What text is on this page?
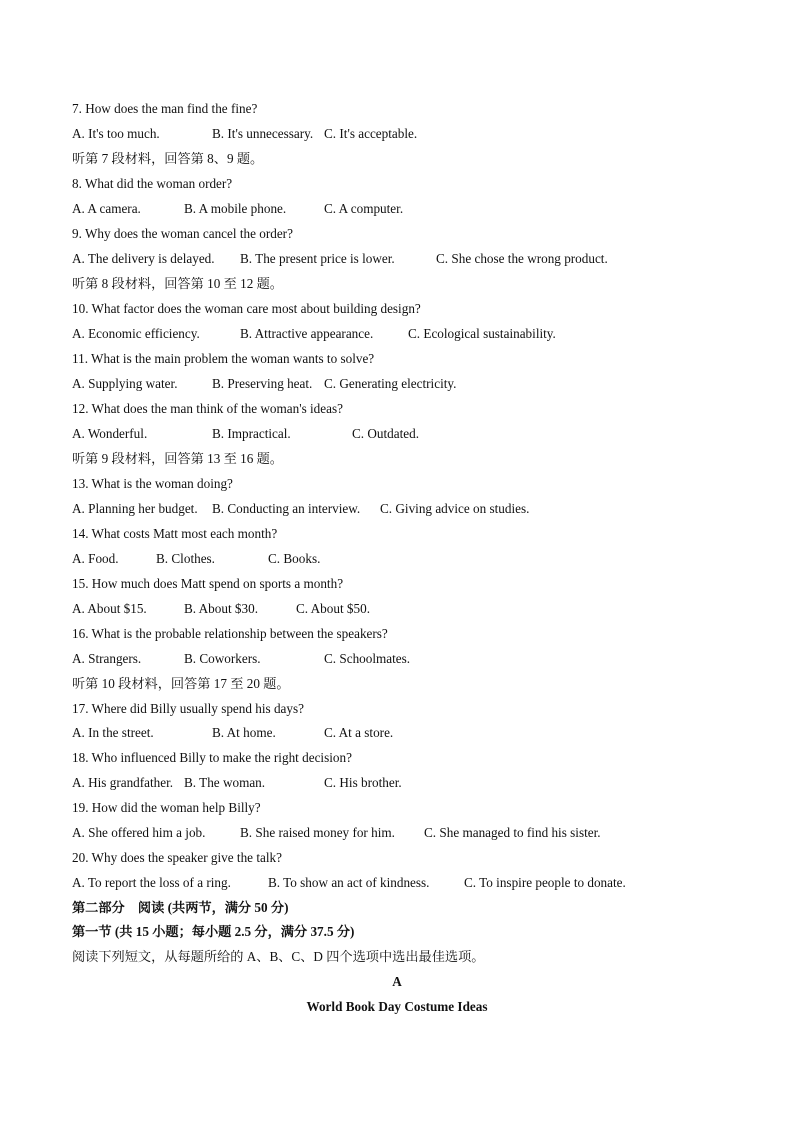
7. How does the man find the fine?
A. It's too much.	B. It's unnecessary. C. It's acceptable.
听第 7 段材料，回答第 8、9 题。
8. What did the woman order?
A. A camera.	B. A mobile phone.	C. A computer.
9. Why does the woman cancel the order?
A. The delivery is delayed. B. The present price is lower.	C. She chose the wrong product.
听第 8 段材料，回答第 10 至 12 题。
10. What factor does the woman care most about building design?
A. Economic efficiency.	B. Attractive appearance.	C. Ecological sustainability.
11. What is the main problem the woman wants to solve?
A. Supplying water.	B. Preserving heat. C. Generating electricity.
12. What does the man think of the woman's ideas?
A. Wonderful.	B. Impractical.	C. Outdated.
听第 9 段材料，回答第 13 至 16 题。
13. What is the woman doing?
A. Planning her budget. B. Conducting an interview. C. Giving advice on studies.
14. What costs Matt most each month?
A. Food.	B. Clothes.	C. Books.
15. How much does Matt spend on sports a month?
A. About $15.	B. About $30.	C. About $50.
16. What is the probable relationship between the speakers?
A. Strangers.	B. Coworkers.	C. Schoolmates.
听第 10 段材料，回答第 17 至 20 题。
17. Where did Billy usually spend his days?
A. In the street.	B. At home.	C. At a store.
18. Who influenced Billy to make the right decision?
A. His grandfather. B. The woman.	C. His brother.
19. How did the woman help Billy?
A. She offered him a job.	B. She raised money for him. C. She managed to find his sister.
20. Why does the speaker give the talk?
A. To report the loss of a ring.	B. To show an act of kindness.	C. To inspire people to donate.
第二部分　阅读 (共两节，满分 50 分)
第一节 (共 15 小题；每小题 2.5 分，满分 37.5 分)
阅读下列短文，从每题所给的 A、B、C、D 四个选项中选出最佳选项。
A
World Book Day Costume Ideas
